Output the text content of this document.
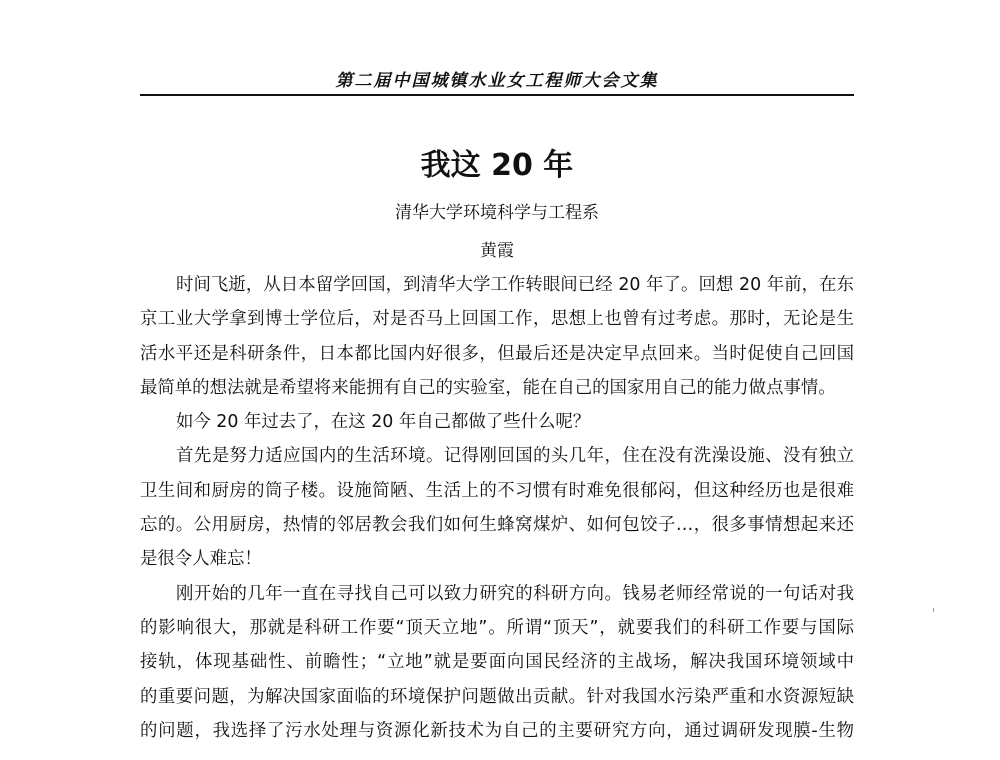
第二届中国城镇水业女工程师大会文集
我这 20 年
清华大学环境科学与工程系
黄霞
时间飞逝，从日本留学回国，到清华大学工作转眼间已经 20 年了。回想 20 年前，在东
京工业大学拿到博士学位后，对是否马上回国工作，思想上也曾有过考虑。那时，无论是生
活水平还是科研条件，日本都比国内好很多，但最后还是决定早点回来。当时促使自己回国
最简单的想法就是希望将来能拥有自己的实验室，能在自己的国家用自己的能力做点事情。
如今 20 年过去了，在这 20 年自己都做了些什么呢？
首先是努力适应国内的生活环境。记得刚回国的头几年，住在没有洗澡设施、没有独立
卫生间和厨房的筒子楼。设施简陋、生活上的不习惯有时难免很郁闷，但这种经历也是很难
忘的。公用厨房，热情的邻居教会我们如何生蜂窝煤炉、如何包饺子…，很多事情想起来还
是很令人难忘！
刚开始的几年一直在寻找自己可以致力研究的科研方向。钱易老师经常说的一句话对我
的影响很大，那就是科研工作要“顶天立地”。所谓“顶天”，就要我们的科研工作要与国际
接轨，体现基础性、前瞻性；“立地”就是要面向国民经济的主战场，解决我国环境领域中
的重要问题，为解决国家面临的环境保护问题做出贡献。针对我国水污染严重和水资源短缺
的问题，我选择了污水处理与资源化新技术为自己的主要研究方向，通过调研发现膜-生物
